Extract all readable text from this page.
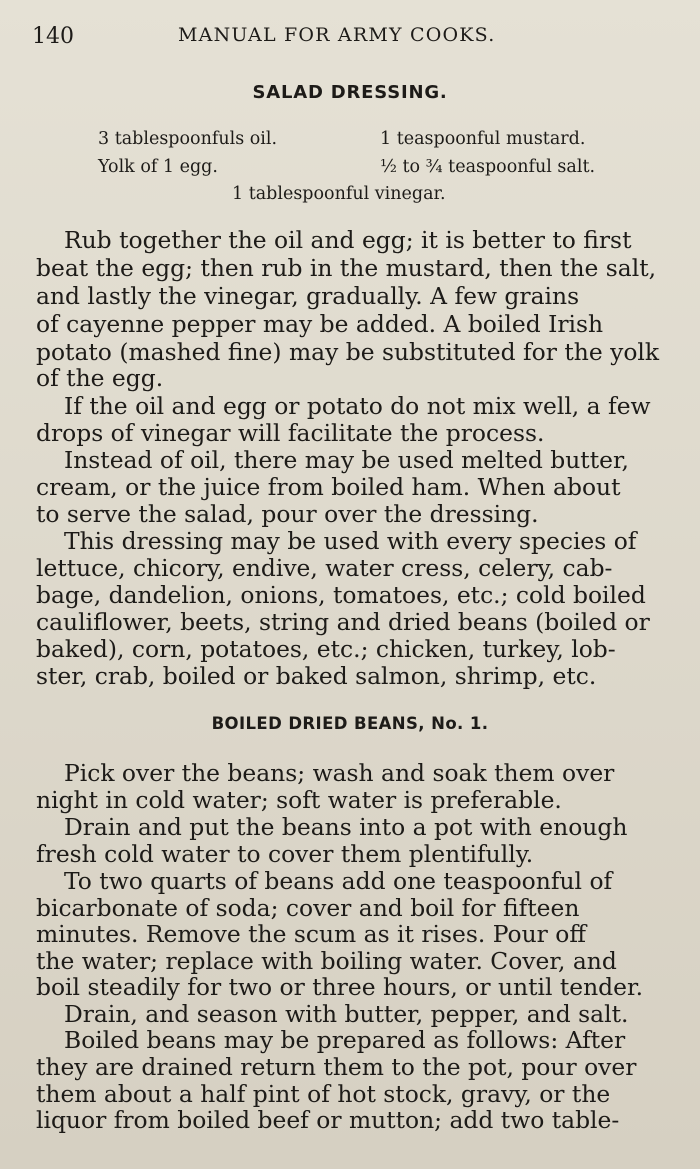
140	MANUAL FOR ARMY COOKS.
SALAD DRESSING.
3 tablespoonfuls oil.	1 teaspoonful mustard.
Yolk of 1 egg.	½ to ¾ teaspoonful salt.
1 tablespoonful vinegar.
Rub together the oil and egg; it is better to first
beat the egg; then rub in the mustard, then the salt,
and lastly the vinegar, gradually. A few grains
of cayenne pepper may be added. A boiled Irish
potato (mashed fine) may be substituted for the yolk
of the egg.
If the oil and egg or potato do not mix well, a few
drops of vinegar will facilitate the process.
Instead of oil, there may be used melted butter,
cream, or the juice from boiled ham. When about
to serve the salad, pour over the dressing.
This dressing may be used with every species of
lettuce, chicory, endive, water cress, celery, cab-
bage, dandelion, onions, tomatoes, etc.; cold boiled
cauliflower, beets, string and dried beans (boiled or
baked), corn, potatoes, etc.; chicken, turkey, lob-
ster, crab, boiled or baked salmon, shrimp, etc.
BOILED DRIED BEANS, No. 1.
Pick over the beans; wash and soak them over
night in cold water; soft water is preferable.
Drain and put the beans into a pot with enough
fresh cold water to cover them plentifully.
To two quarts of beans add one teaspoonful of
bicarbonate of soda; cover and boil for fifteen
minutes. Remove the scum as it rises. Pour off
the water; replace with boiling water. Cover, and
boil steadily for two or three hours, or until tender.
Drain, and season with butter, pepper, and salt.
Boiled beans may be prepared as follows: After
they are drained return them to the pot, pour over
them about a half pint of hot stock, gravy, or the
liquor from boiled beef or mutton; add two table-
